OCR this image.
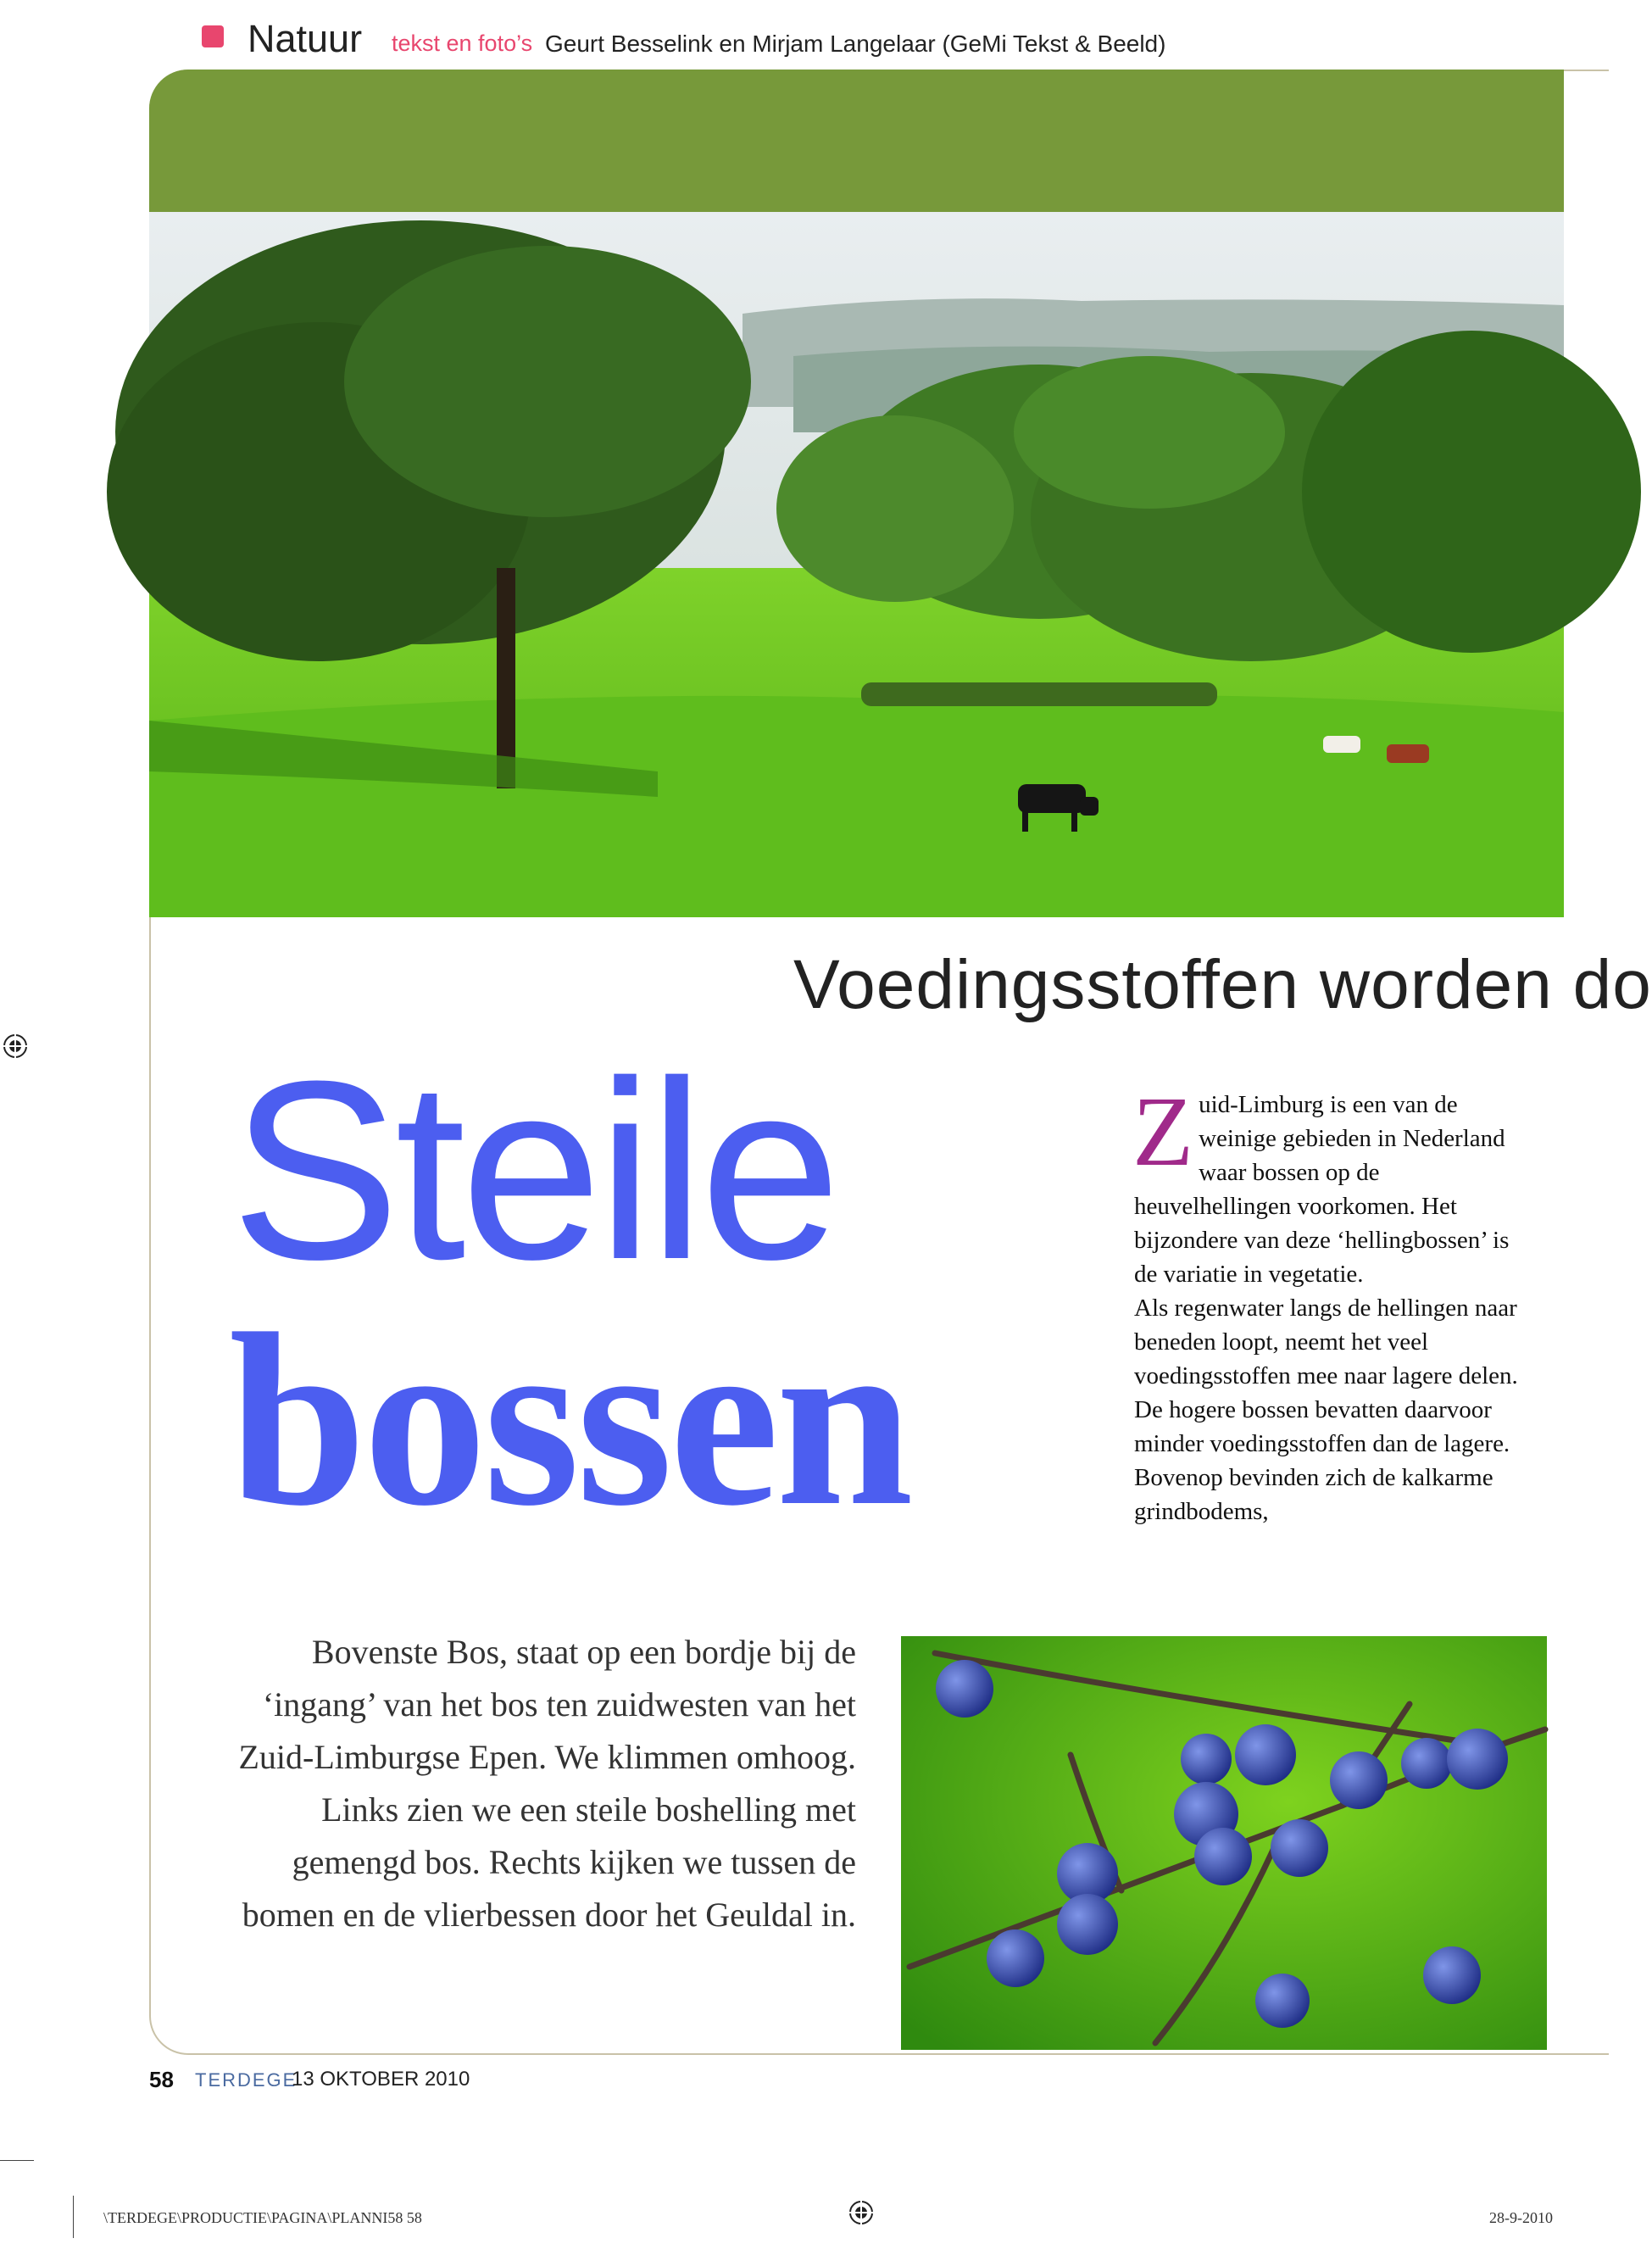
Natuur tekst en foto’s Geurt Besselink en Mirjam Langelaar (GeMi Tekst & Beeld)
Voedingsstoffen worden do
Steile
bossen

Zuid-Limburg is een van de weinige gebieden in Nederland waar bossen op de heuvelhellingen voorkomen. Het bijzondere van deze ‘hellingbossen’ is de variatie in vegetatie.

Als regenwater langs de hellingen naar beneden loopt, neemt het veel voedingsstoffen mee naar lagere delen. De hogere bossen bevatten daarvoor minder voedingsstoffen dan de lagere. Bovenop bevinden zich de kalkarme grindbodems,

Bovenste Bos, staat op een bordje bij de ‘ingang’ van het bos ten zuidwesten van het Zuid-Limburgse Epen. We klimmen omhoog. Links zien we een steile boshelling met gemengd bos. Rechts kijken we tussen de bomen en de vlierbessen door het Geuldal in.
58 TERDEGE
13 OKTOBER 2010
\TERDEGE\PRODUCTIE\PAGINA\PLANNI58 58	28-9-2010
